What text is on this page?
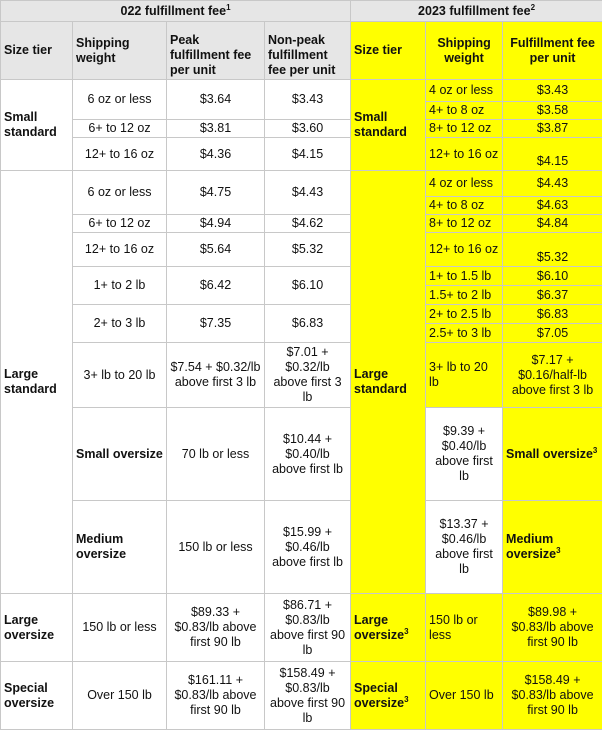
022 fulfillment fee$^1$				2023 fulfillment fee$^2$
Size tier	Shipping weight	Peak fulfillment fee per unit	Non-peak fulfillment fee per unit	Size tier	Shipping weight	Fulfillment fee per unit	
Small standard	6 oz or less	$3.64	$3.43	Small standard	4 oz or less	$3.43	
					4+ to 8 oz	$3.58	
	6+ to 12 oz	$3.81	$3.60		8+ to 12 oz	$3.87	
	12+ to 16 oz	$4.36	$4.15		12+ to 16 oz	$4.15	

Large standard	6 oz or less	$4.75	$4.43	Large standard	4 oz or less	$4.43	
					4+ to 8 oz	$4.63	
	6+ to 12 oz	$4.94	$4.62		8+ to 12 oz	$4.84	
	12+ to 16 oz	$5.64	$5.32		12+ to 16 oz	$5.32	
	1+ to 2 lb	$6.42	$6.10		1+ to 1.5 lb	$6.10	
					1.5+ to 2 lb	$6.37	
	2+ to 3 lb	$7.35	$6.83		2+ to 2.5 lb	$6.83	
					2.5+ to 3 lb	$7.05	
	3+ lb to 20 lb	$7.54 + $0.32/lb above first 3 lb	$7.01 + $0.32/lb above first 3 lb		3+ lb to 20 lb	$7.17 + $0.16/half-lb above first 3 lb	
	Small oversize	70 lb or less	$10.44 + $0.40/lb above first lb		$9.39 + $0.40/lb above first lb	Small oversize$^3$		
	Medium oversize	150 lb or less	$15.99 + $0.46/lb above first lb		$13.37 + $0.46/lb above first lb	Medium oversize$^3$		
Large oversize	150 lb or less	$89.33 + $0.83/lb above first 90 lb	$86.71 + $0.83/lb above first 90 lb	Large oversize$^3$	150 lb or less	$89.98 + $0.83/lb above first 90 lb	
Special oversize	Over 150 lb	$161.11 + $0.83/lb above first 90 lb	$158.49 + $0.83/lb above first 90 lb	Special oversize$^3$	Over 150 lb	$158.49 + $0.83/lb above first 90 lb	
